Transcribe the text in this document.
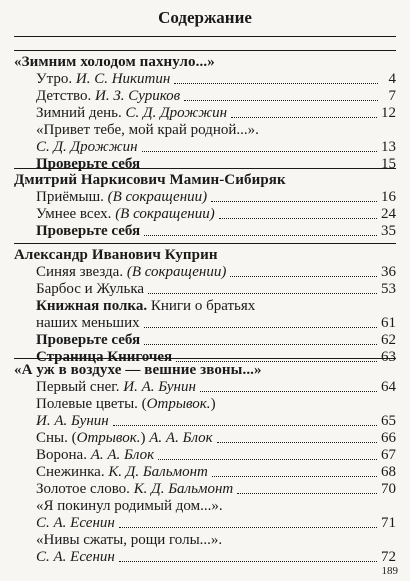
Содержание
«Зимним холодом пахнуло...»
Утро. И. С. Никитин	4
Детство. И. З. Суриков	7
Зимний день. С. Д. Дрожжин	12
«Привет тебе, мой край родной...».
С. Д. Дрожжин	13
Проверьте себя	15
Дмитрий Наркисович Мамин-Сибиряк
Приёмыш. (В сокращении)	16
Умнее всех. (В сокращении)	24
Проверьте себя	35
Александр Иванович Куприн
Синяя звезда. (В сокращении)	36
Барбос и Жулька	53
Книжная полка. Книги о братьях
наших меньших	61
Проверьте себя	62
Страница Книгочея	63
«А уж в воздухе — вешние звоны...»
Первый снег. И. А. Бунин	64
Полевые цветы. (Отрывок.)
И. А. Бунин	65
Сны. (Отрывок.) А. А. Блок	66
Ворона. А. А. Блок	67
Снежинка. К. Д. Бальмонт	68
Золотое слово. К. Д. Бальмонт	70
«Я покинул родимый дом...».
С. А. Есенин	71
«Нивы сжаты, рощи голы...».
С. А. Есенин	72
189
